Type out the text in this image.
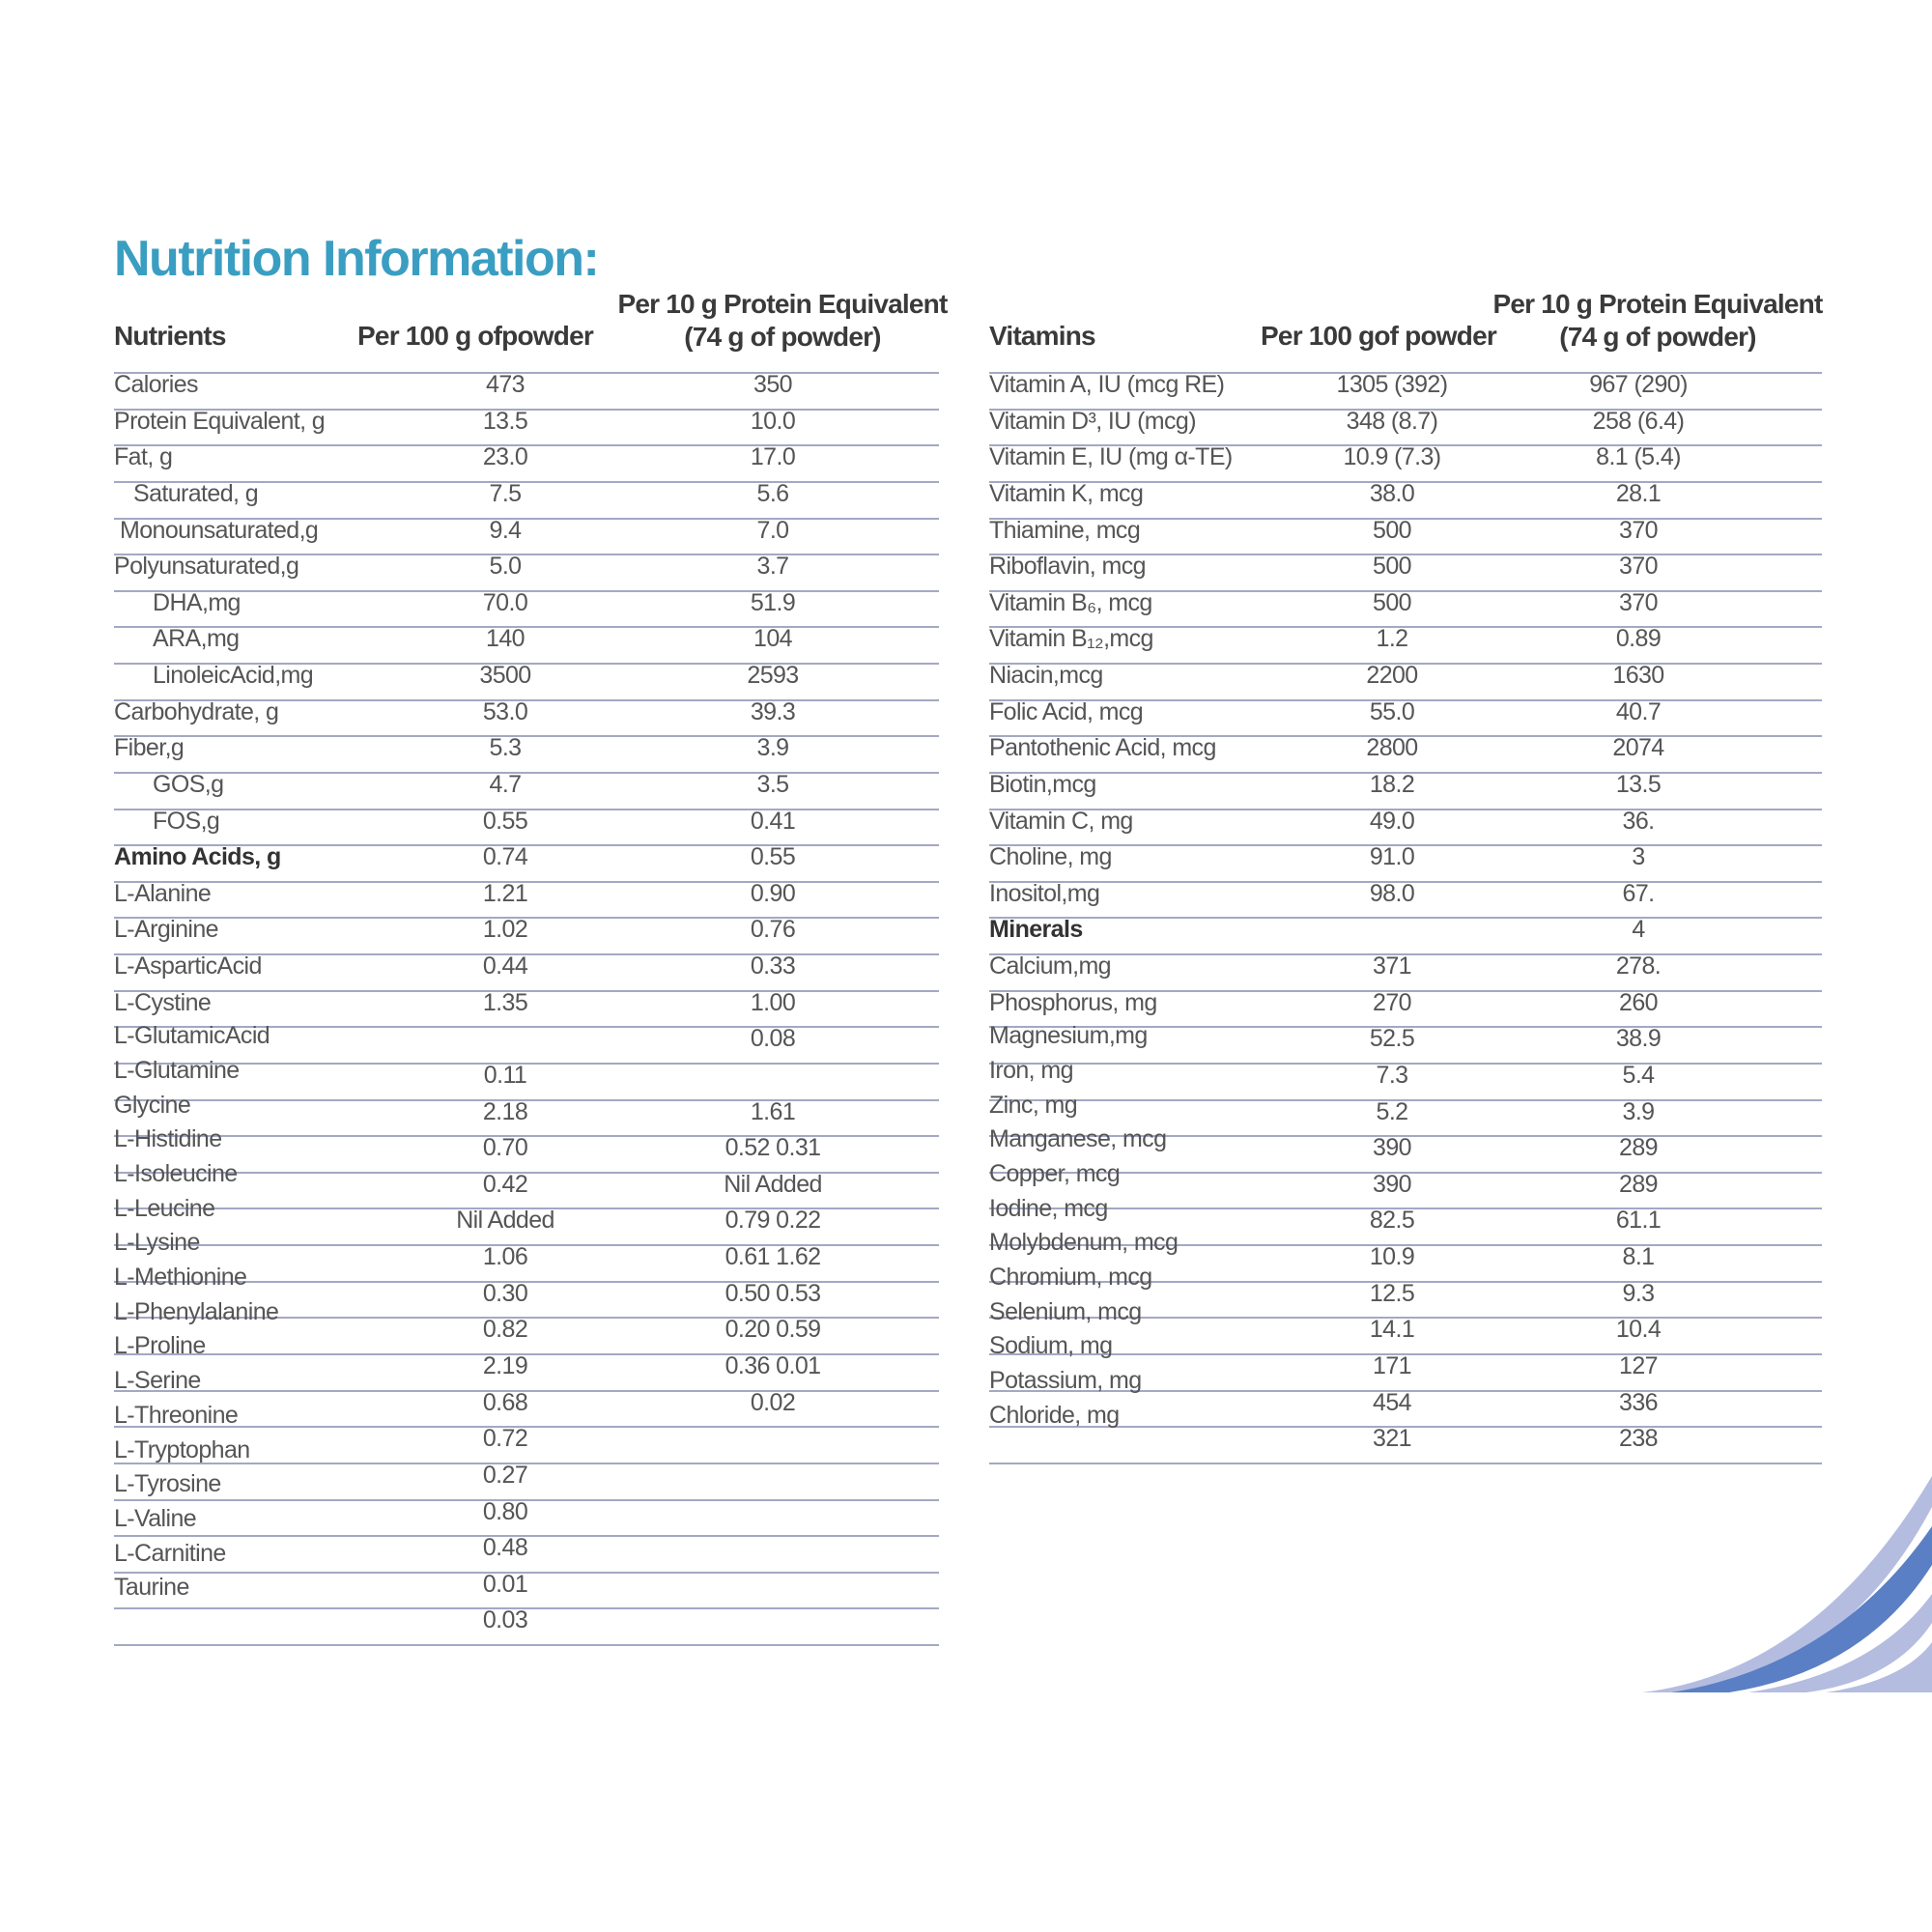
Nutrition Information:
Nutrients	Per 100 g ofpowder
Per 10 g Protein Equivalent
(74 g of powder)
Calories
Protein Equivalent, g
Fat, g
Saturated, g
Monounsaturated,g
Polyunsaturated,g
DHA,mg
ARA,mg
LinoleicAcid,mg
Carbohydrate, g
Fiber,g
GOS,g
FOS,g
Amino Acids, g
L-Alanine
L-Arginine
L-AsparticAcid
L-Cystine
L-GlutamicAcid
L-Glutamine
Glycine
L-Histidine
L-Isoleucine
L-Leucine
L-Lysine
L-Methionine
L-Phenylalanine
L-Proline
L-Serine
L-Threonine
L-Tryptophan
L-Tyrosine
L-Valine
L-Carnitine
Taurine
473
13.5
23.0
7.5
9.4
5.0
70.0
140
3500
53.0
5.3
4.7
0.55
0.74
1.21
1.02
0.44
1.35
0.11
2.18
0.70
0.42
Nil Added
1.06
0.30
0.82
2.19
0.68
0.72
0.27
0.80
0.48
0.01
0.03
350
10.0
17.0
5.6
7.0
3.7
51.9
104
2593
39.3
3.9
3.5
0.41
0.55
0.90
0.76
0.33
1.00
0.08
1.61
0.52 0.31
Nil Added
0.79 0.22
0.61 1.62
0.50 0.53
0.20 0.59
0.36 0.01
0.02
Vitamins	Per 100 gof powder
Per 10 g Protein Equivalent
(74 g of powder)
Vitamin A, IU (mcg RE)
Vitamin D³, IU (mcg)
Vitamin E, IU (mg α-TE)
Vitamin K, mcg
Thiamine, mcg
Riboflavin, mcg
Vitamin B₆, mcg
Vitamin B₁₂,mcg
Niacin,mcg
Folic Acid, mcg
Pantothenic Acid, mcg
Biotin,mcg
Vitamin C, mg
Choline, mg
Inositol,mg
Minerals
Calcium,mg
Phosphorus, mg
Magnesium,mg
Iron, mg
Zinc, mg
Manganese, mcg
Copper, mcg
Iodine, mcg
Molybdenum, mcg
Chromium, mcg
Selenium, mcg
Sodium, mg
Potassium, mg
Chloride, mg
1305 (392)
348 (8.7)
10.9 (7.3)
38.0
500
500
500
1.2
2200
55.0
2800
18.2
49.0
91.0
98.0
371
270
52.5
7.3
5.2
390
390
82.5
10.9
12.5
14.1
171
454
321
967 (290)
258 (6.4)
8.1 (5.4)
28.1
370
370
370
0.89
1630
40.7
2074
13.5
36.
3
67.
4
278.
260
38.9
5.4
3.9
289
289
61.1
8.1
9.3
10.4
127
336
238
